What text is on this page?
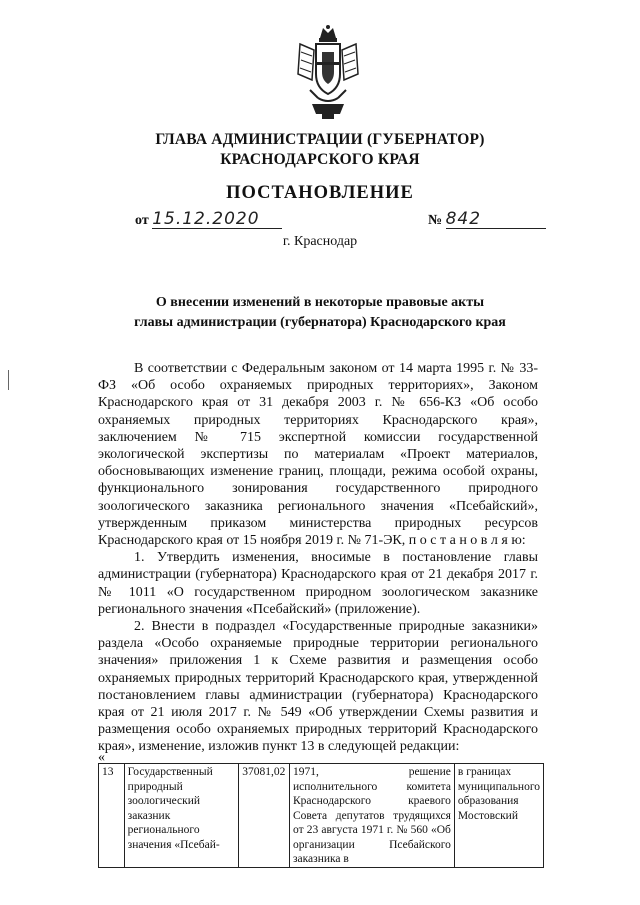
ГЛАВА АДМИНИСТРАЦИИ (ГУБЕРНАТОР)
КРАСНОДАРСКОГО КРАЯ
ПОСТАНОВЛЕНИЕ
от 15.12.2020	№ 842
г. Краснодар
О внесении изменений в некоторые правовые акты
главы администрации (губернатора) Краснодарского края

В соответствии с Федеральным законом от 14 марта 1995 г. № 33-ФЗ «Об особо охраняемых природных территориях», Законом Краснодарского края от 31 декабря 2003 г. № 656-КЗ «Об особо охраняемых природных территориях Краснодарского края», заключением № 715 экспертной комиссии государственной экологической экспертизы по материалам «Проект материалов, обосновывающих изменение границ, площади, режима особой охраны, функционального зонирования государственного природного зоологического заказника регионального значения «Псебайский», утвержденным приказом министерства природных ресурсов Краснодарского края от 15 ноября 2019 г. № 71-ЭК, п о с т а н о в л я ю:

1. Утвердить изменения, вносимые в постановление главы администрации (губернатора) Краснодарского края от 21 декабря 2017 г. № 1011 «О государственном природном зоологическом заказнике регионального значения «Псебайский» (приложение).

2. Внести в подраздел «Государственные природные заказники» раздела «Особо охраняемые природные территории регионального значения» приложения 1 к Схеме развития и размещения особо охраняемых природных территорий Краснодарского края, утвержденной постановлением главы администрации (губернатора) Краснодарского края от 21 июля 2017 г. № 549 «Об утверждении Схемы развития и размещения особо охраняемых природных территорий Краснодарского края», изменение, изложив пункт 13 в следующей редакции:

«
13	Государственный природный зоологический заказник регионального значения «Псебай-	37081,02	1971, решение исполнительного комитета Краснодарского краевого Совета депутатов трудящихся от 23 августа 1971 г. № 560 «Об организации Псебайского заказника в	в границах муниципального образования Мостовский
